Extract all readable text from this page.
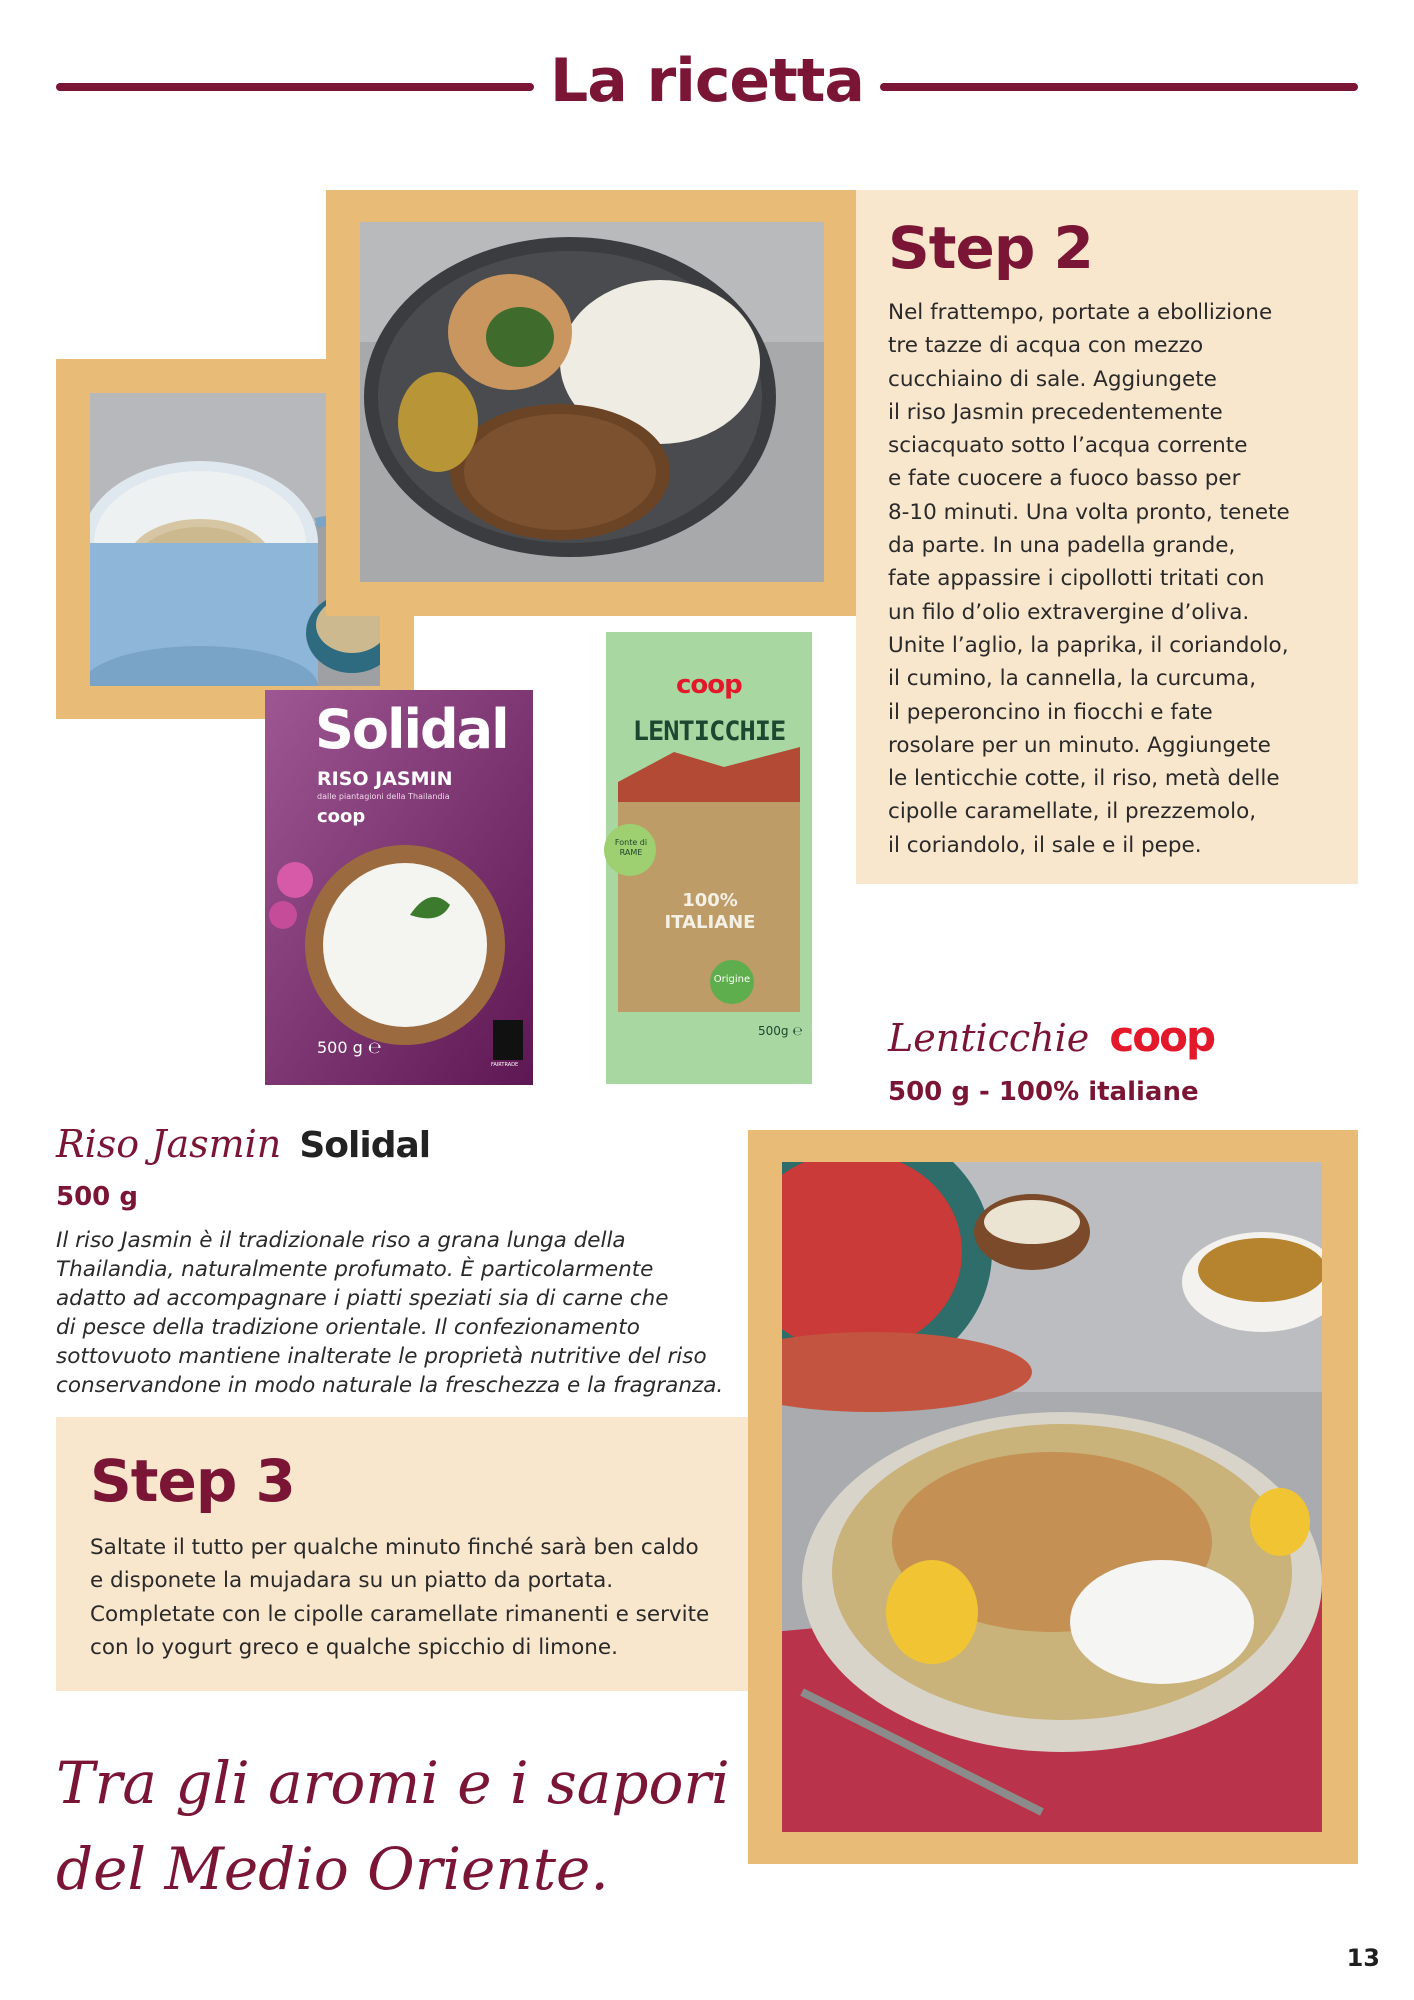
La ricetta
Solidal
RISO JASMIN
dalle piantagioni della Thailandia
coop
500 g ℮
FAIRTRADE
coop
LENTICCHIE
Fonte di RAME
100% ITALIANE
Origine
500g ℮
Step 2
Nel frattempo, portate a ebollizione
tre tazze di acqua con mezzo
cucchiaino di sale. Aggiungete
il riso Jasmin precedentemente
sciacquato sotto l’acqua corrente
e fate cuocere a fuoco basso per
8-10 minuti. Una volta pronto, tenete
da parte. In una padella grande,
fate appassire i cipollotti tritati con
un filo d’olio extravergine d’oliva.
Unite l’aglio, la paprika, il coriandolo,
il cumino, la cannella, la curcuma,
il peperoncino in fiocchi e fate
rosolare per un minuto. Aggiungete
le lenticchie cotte, il riso, metà delle
cipolle caramellate, il prezzemolo,
il coriandolo, il sale e il pepe.
Lenticchie coop
500 g - 100% italiane
Riso Jasmin Solidal
500 g
Il riso Jasmin è il tradizionale riso a grana lunga della
Thailandia, naturalmente profumato. È particolarmente
adatto ad accompagnare i piatti speziati sia di carne che
di pesce della tradizione orientale. Il confezionamento
sottovuoto mantiene inalterate le proprietà nutritive del riso
conservandone in modo naturale la freschezza e la fragranza.
Step 3
Saltate il tutto per qualche minuto finché sarà ben caldo
e disponete la mujadara su un piatto da portata.
Completate con le cipolle caramellate rimanenti e servite
con lo yogurt greco e qualche spicchio di limone.
Tra gli aromi e i sapori
del Medio Oriente.
13
